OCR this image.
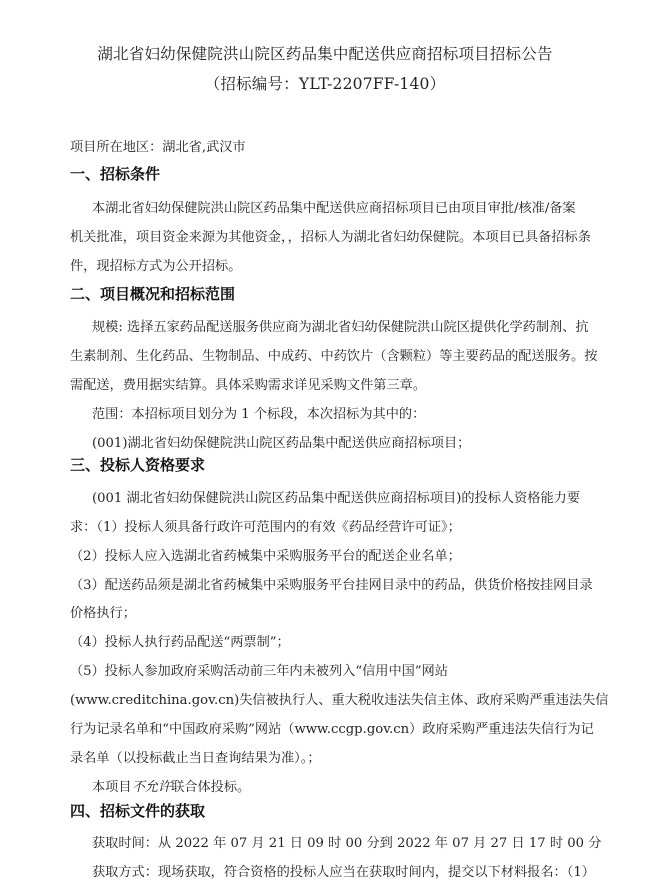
湖北省妇幼保健院洪山院区药品集中配送供应商招标项目招标公告
（招标编号：YLT-2207FF-140）
项目所在地区：湖北省,武汉市
一、招标条件
本湖北省妇幼保健院洪山院区药品集中配送供应商招标项目已由项目审批/核准/备案
机关批准，项目资金来源为其他资金，，招标人为湖北省妇幼保健院。本项目已具备招标条
件，现招标方式为公开招标。
二、项目概况和招标范围
规模: 选择五家药品配送服务供应商为湖北省妇幼保健院洪山院区提供化学药制剂、抗
生素制剂、生化药品、生物制品、中成药、中药饮片（含颗粒）等主要药品的配送服务。按
需配送，费用据实结算。具体采购需求详见采购文件第三章。
范围：本招标项目划分为 1 个标段，本次招标为其中的：
(001)湖北省妇幼保健院洪山院区药品集中配送供应商招标项目；
三、投标人资格要求
(001 湖北省妇幼保健院洪山院区药品集中配送供应商招标项目)的投标人资格能力要
求：（1）投标人须具备行政许可范围内的有效《药品经营许可证》；
（2）投标人应入选湖北省药械集中采购服务平台的配送企业名单；
（3）配送药品须是湖北省药械集中采购服务平台挂网目录中的药品，供货价格按挂网目录
价格执行；
（4）投标人执行药品配送“两票制”；
（5）投标人参加政府采购活动前三年内未被列入“信用中国”网站
(www.creditchina.gov.cn)失信被执行人、重大税收违法失信主体、政府采购严重违法失信
行为记录名单和“中国政府采购”网站（www.ccgp.gov.cn）政府采购严重违法失信行为记
录名单（以投标截止当日查询结果为准）。；
本项目不允许联合体投标。
四、招标文件的获取
获取时间：从 2022 年 07 月 21 日 09 时 00 分到 2022 年 07 月 27 日 17 时 00 分
获取方式：现场获取，符合资格的投标人应当在获取时间内，提交以下材料报名：（1）
